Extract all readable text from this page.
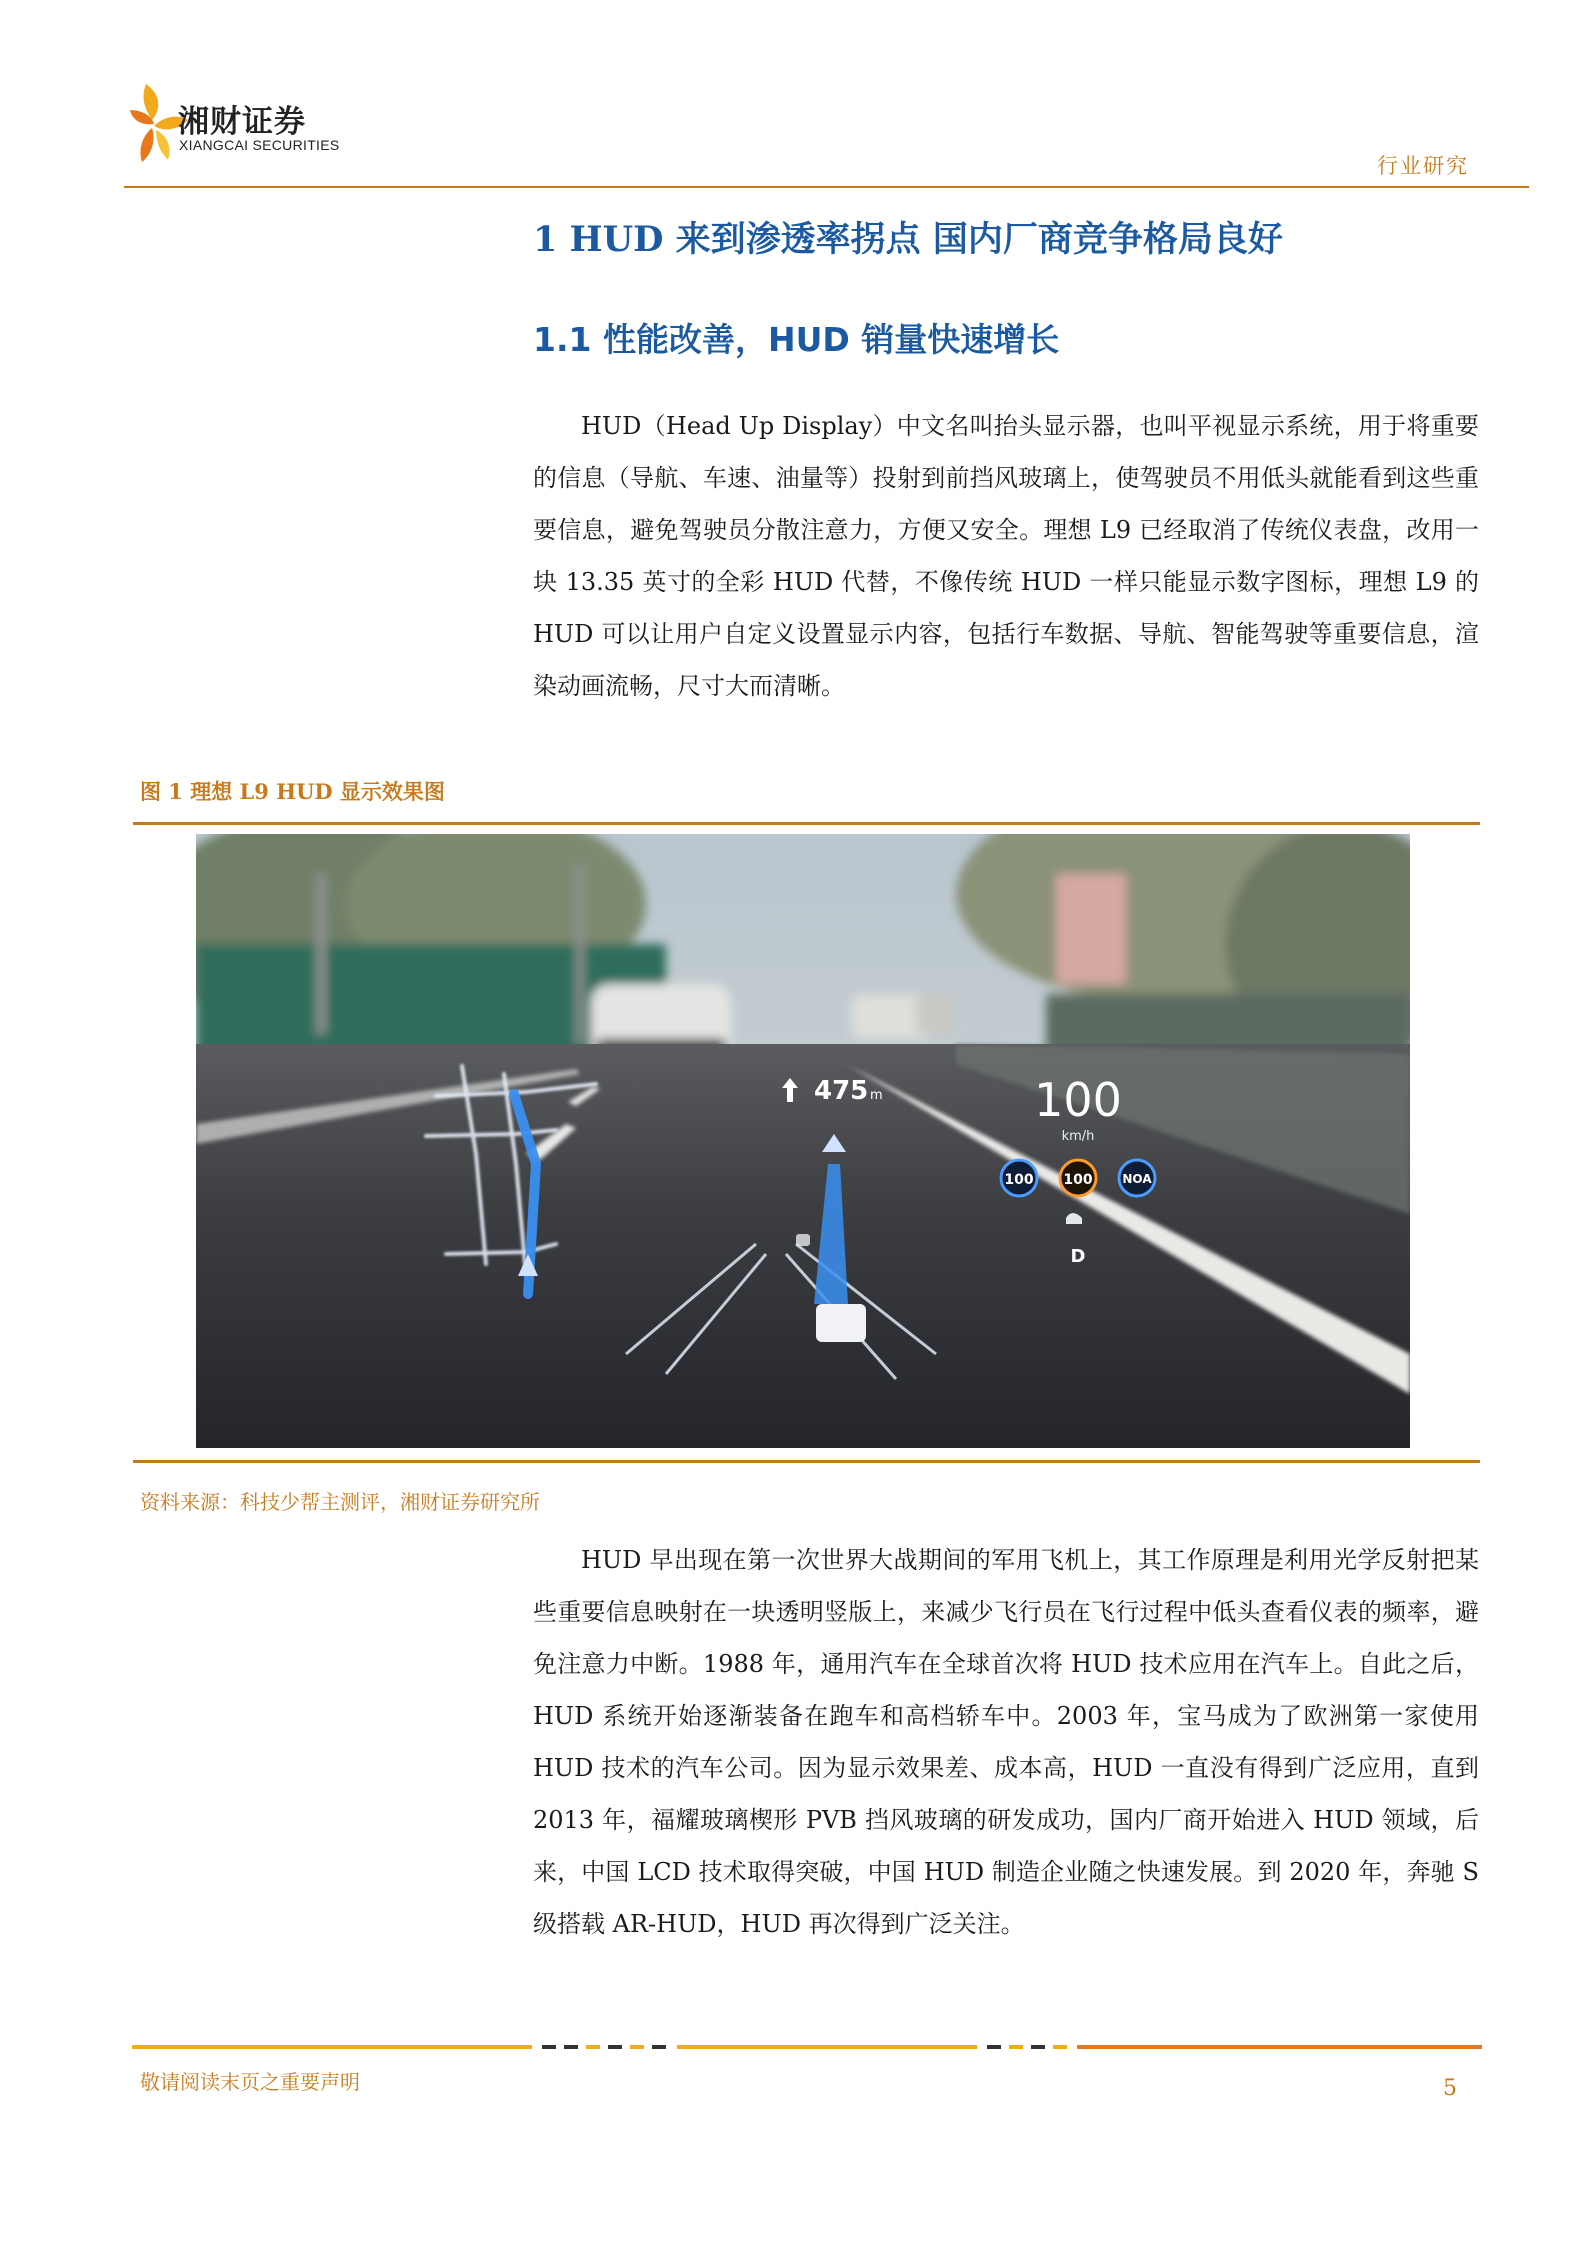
湘财证券
XIANGCAI SECURITIES
行业研究
1 HUD 来到渗透率拐点 国内厂商竞争格局良好
1.1 性能改善，HUD 销量快速增长

HUD（Head Up Display）中文名叫抬头显示器，也叫平视显示系统，用于将重要的信息（导航、车速、油量等）投射到前挡风玻璃上，使驾驶员不用低头就能看到这些重要信息，避免驾驶员分散注意力，方便又安全。理想 L9 已经取消了传统仪表盘，改用一块 13.35 英寸的全彩 HUD 代替，不像传统 HUD 一样只能显示数字图标，理想 L9 的 HUD 可以让用户自定义设置显示内容，包括行车数据、导航、智能驾驶等重要信息，渲染动画流畅，尺寸大而清晰。

图 1 理想 L9 HUD 显示效果图
475 m	100
km/h
100 100 NOA
D
资料来源：科技少帮主测评，湘财证券研究所

HUD 早出现在第一次世界大战期间的军用飞机上，其工作原理是利用光学反射把某些重要信息映射在一块透明竖版上，来减少飞行员在飞行过程中低头查看仪表的频率，避免注意力中断。1988 年，通用汽车在全球首次将 HUD 技术应用在汽车上。自此之后，HUD 系统开始逐渐装备在跑车和高档轿车中。2003 年，宝马成为了欧洲第一家使用 HUD 技术的汽车公司。因为显示效果差、成本高，HUD 一直没有得到广泛应用，直到 2013 年，福耀玻璃楔形 PVB 挡风玻璃的研发成功，国内厂商开始进入 HUD 领域，后来，中国 LCD 技术取得突破，中国 HUD 制造企业随之快速发展。到 2020 年，奔驰 S 级搭载 AR-HUD，HUD 再次得到广泛关注。

敬请阅读末页之重要声明	5
